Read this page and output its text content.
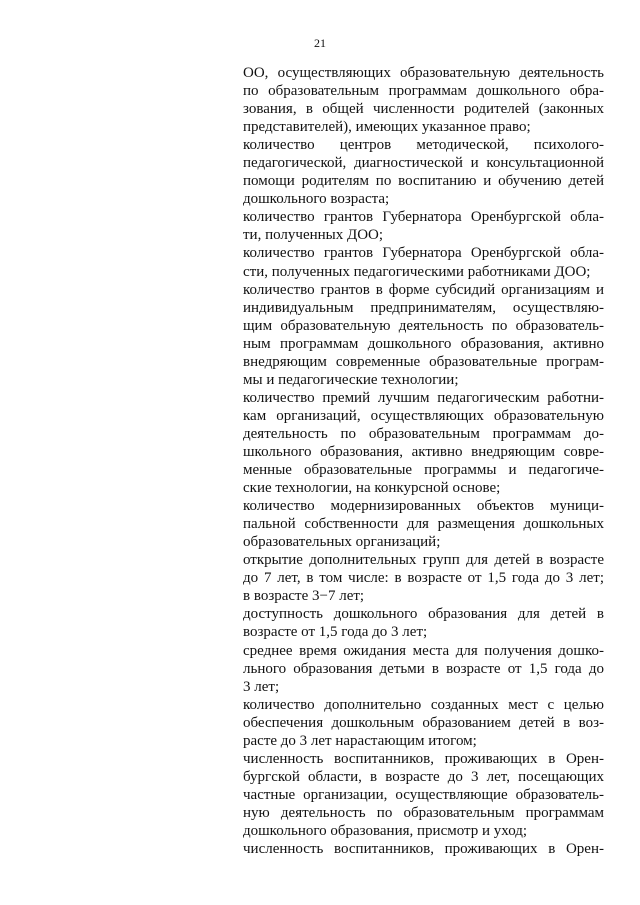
21
ОО, осуществляющих образовательную деятельность
по образовательным программам дошкольного обра-
зования, в общей численности родителей (законных
представителей), имеющих указанное право;
количество центров методической, психолого-
педагогической, диагностической и консультационной
помощи родителям по воспитанию и обучению детей
дошкольного возраста;
количество грантов Губернатора Оренбургской обла-
ти, полученных ДОО;
количество грантов Губернатора Оренбургской обла-
сти, полученных педагогическими работниками ДОО;
количество грантов в форме субсидий организациям и
индивидуальным предпринимателям, осуществляю-
щим образовательную деятельность по образователь-
ным программам дошкольного образования, активно
внедряющим современные образовательные програм-
мы и педагогические технологии;
количество премий лучшим педагогическим работни-
кам организаций, осуществляющих образовательную
деятельность по образовательным программам до-
школьного образования, активно внедряющим совре-
менные образовательные программы и педагогиче-
ские технологии, на конкурсной основе;
количество модернизированных объектов муници-
пальной собственности для размещения дошкольных
образовательных организаций;
открытие дополнительных групп для детей в возрасте
до 7 лет, в том числе: в возрасте от 1,5 года до 3 лет;
в возрасте 3−7 лет;
доступность дошкольного образования для детей в
возрасте от 1,5 года до 3 лет;
среднее время ожидания места для получения дошко-
льного образования детьми в возрасте от 1,5 года до
3 лет;
количество дополнительно созданных мест с целью
обеспечения дошкольным образованием детей в воз-
расте до 3 лет нарастающим итогом;
численность воспитанников, проживающих в Орен-
бургской области, в возрасте до 3 лет, посещающих
частные организации, осуществляющие образователь-
ную деятельность по образовательным программам
дошкольного образования, присмотр и уход;
численность воспитанников, проживающих в Орен-
